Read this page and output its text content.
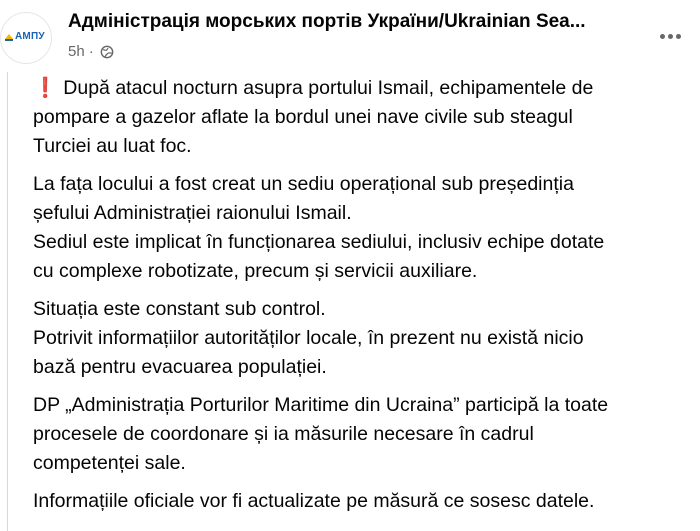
АМПУ
Адміністрація морських портів України/Ukrainian Sea...
5h ·

❗ După atacul nocturn asupra portului Ismail, echipamentele de
pompare a gazelor aflate la bordul unei nave civile sub steagul
Turciei au luat foc.

La fața locului a fost creat un sediu operațional sub președinția
șefului Administrației raionului Ismail.
Sediul este implicat în funcționarea sediului, inclusiv echipe dotate
cu complexe robotizate, precum și servicii auxiliare.

Situația este constant sub control.
Potrivit informațiilor autorităților locale, în prezent nu există nicio
bază pentru evacuarea populației.

DP „Administrația Porturilor Maritime din Ucraina” participă la toate
procesele de coordonare și ia măsurile necesare în cadrul
competenței sale.

Informațiile oficiale vor fi actualizate pe măsură ce sosesc datele.
